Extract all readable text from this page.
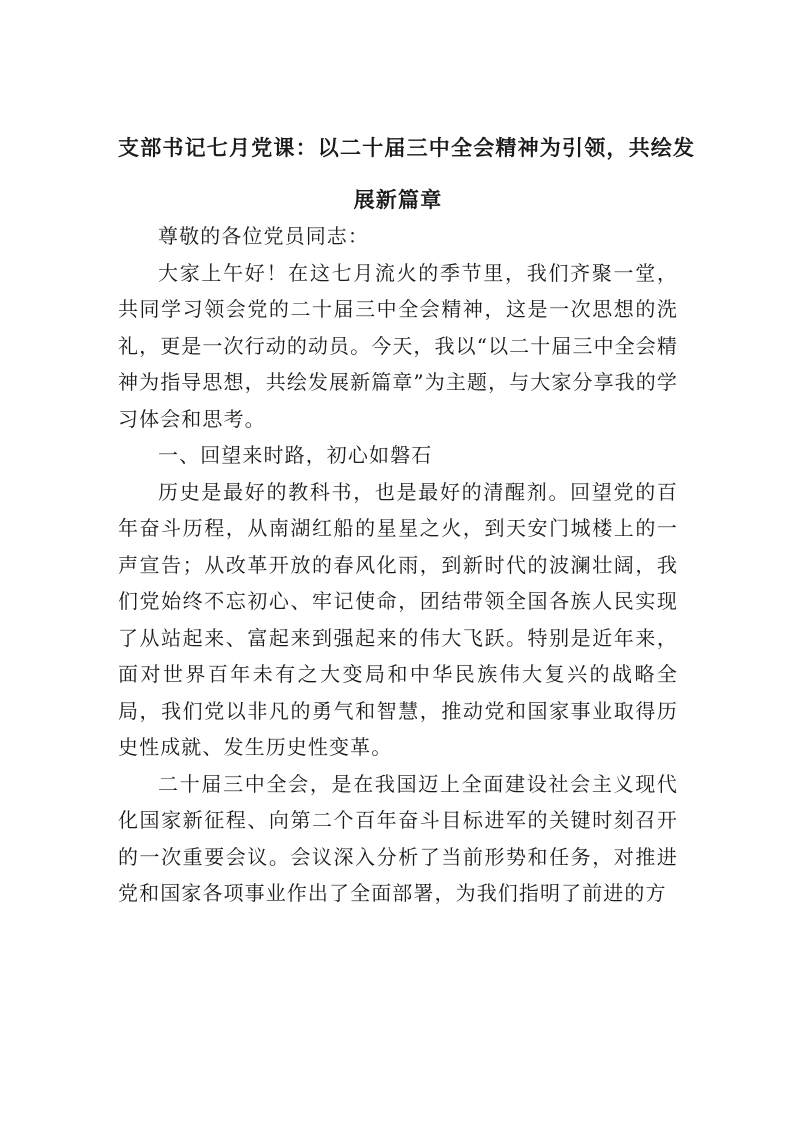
支部书记七月党课：以二十届三中全会精神为引领，共绘发
展新篇章

尊敬的各位党员同志：

大家上午好！在这七月流火的季节里，我们齐聚一堂，共同学习领会党的二十届三中全会精神，这是一次思想的洗礼，更是一次行动的动员。今天，我以“以二十届三中全会精神为指导思想，共绘发展新篇章”为主题，与大家分享我的学习体会和思考。

一、回望来时路，初心如磐石

历史是最好的教科书，也是最好的清醒剂。回望党的百年奋斗历程，从南湖红船的星星之火，到天安门城楼上的一声宣告；从改革开放的春风化雨，到新时代的波澜壮阔，我们党始终不忘初心、牢记使命，团结带领全国各族人民实现了从站起来、富起来到强起来的伟大飞跃。特别是近年来，面对世界百年未有之大变局和中华民族伟大复兴的战略全局，我们党以非凡的勇气和智慧，推动党和国家事业取得历史性成就、发生历史性变革。

二十届三中全会，是在我国迈上全面建设社会主义现代化国家新征程、向第二个百年奋斗目标进军的关键时刻召开的一次重要会议。会议深入分析了当前形势和任务，对推进党和国家各项事业作出了全面部署，为我们指明了前进的方
